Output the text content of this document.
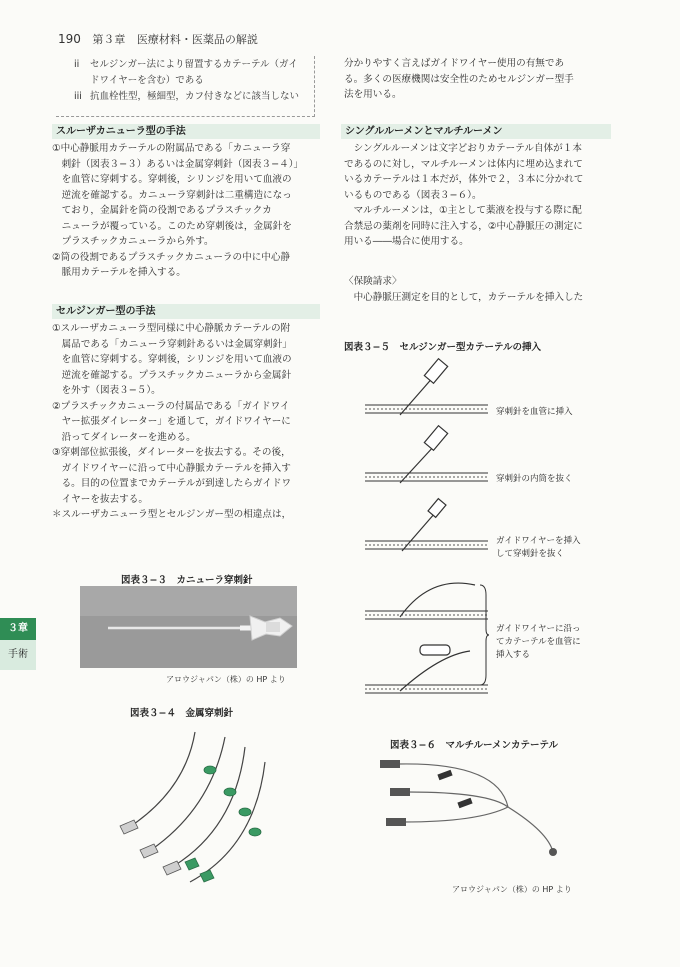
190 第３章 医療材料・医薬品の解説
３章
手術
ii セルジンガー法により留置するカテーテル（ガイ
ドワイヤーを含む）である
iii 抗血栓性型，極細型，カフ付きなどに該当しない
スルーザカニューラ型の手法

①中心静脈用カテーテルの附属品である「カニューラ穿

　刺針（図表３−３）あるいは金属穿刺針（図表３−４）」

　を血管に穿刺する。穿刺後，シリンジを用いて血液の

　逆流を確認する。カニューラ穿刺針は二重構造になっ

　ており，金属針を筒の役割であるプラスチックカ

　ニューラが覆っている。このため穿刺後は，金属針を

　プラスチックカニューラから外す。

②筒の役割であるプラスチックカニューラの中に中心静

　脈用カテーテルを挿入する。

セルジンガー型の手法

①スルーザカニューラ型同様に中心静脈カテーテルの附

　属品である「カニューラ穿刺針あるいは金属穿刺針」

　を血管に穿刺する。穿刺後，シリンジを用いて血液の

　逆流を確認する。プラスチックカニューラから金属針

　を外す（図表３−５）。

②プラスチックカニューラの付属品である「ガイドワイ

　ヤー拡張ダイレーター」を通して，ガイドワイヤーに

　沿ってダイレーターを進める。

③穿刺部位拡張後，ダイレーターを抜去する。その後，

　ガイドワイヤーに沿って中心静脈カテーテルを挿入す

　る。目的の位置までカテーテルが到達したらガイドワ

　イヤーを抜去する。

＊スルーザカニューラ型とセルジンガー型の相違点は，

図表３−３　カニューラ穿刺針
アロウジャパン（株）の HP より
図表３−４　金属穿刺針

分かりやすく言えばガイドワイヤー使用の有無であ

る。多くの医療機関は安全性のためセルジンガー型手

法を用いる。

シングルルーメンとマルチルーメン

　シングルルーメンは文字どおりカテーテル自体が１本

であるのに対し，マルチルーメンは体内に埋め込まれて

いるカテーテルは１本だが，体外で２，３本に分かれて

いるものである（図表３−６）。

　マルチルーメンは，①主として薬液を投与する際に配

合禁忌の薬剤を同時に注入する，②中心静脈圧の測定に

用いる――場合に使用する。

〈保険請求〉

　中心静脈圧測定を目的として，カテーテルを挿入した

図表３−５　セルジンガー型カテーテルの挿入
穿刺針を血管に挿入
穿刺針の内筒を抜く
ガイドワイヤーを挿入
して穿刺針を抜く
ガイドワイヤーに沿っ
てカテーテルを血管に
挿入する
図表３−６　マルチルーメンカテーテル
アロウジャパン（株）の HP より
